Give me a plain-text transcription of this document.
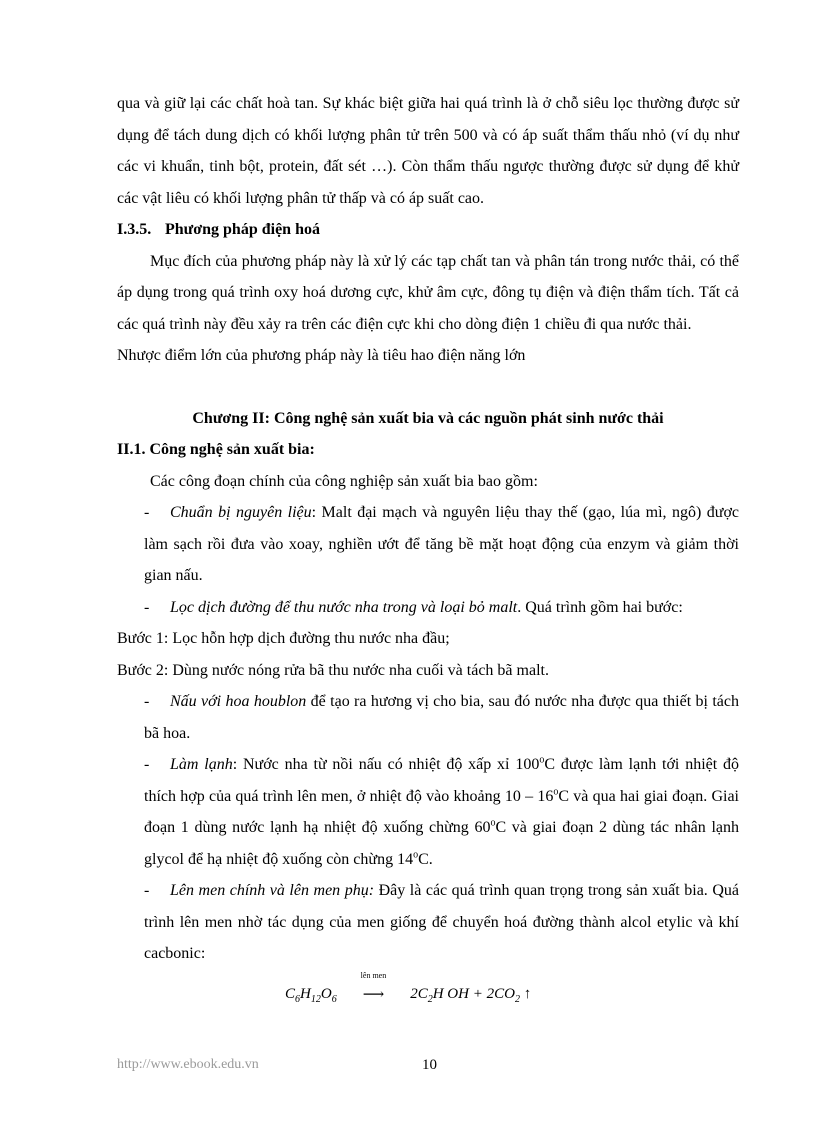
qua và giữ lại các chất hoà tan. Sự khác biệt giữa hai quá trình là ở chỗ siêu lọc thường được sử dụng để tách dung dịch có khối lượng phân tử trên 500 và có áp suất thẩm thấu nhỏ (ví dụ như các vi khuẩn, tinh bột, protein, đất sét …). Còn thẩm thấu ngược thường được sử dụng để khử các vật liêu có khối lượng phân tử thấp và có áp suất cao.

I.3.5. Phương pháp điện hoá

Mục đích của phương pháp này là xử lý các tạp chất tan và phân tán trong nước thải, có thể áp dụng trong quá trình oxy hoá dương cực, khử âm cực, đông tụ điện và điện thẩm tích. Tất cả các quá trình này đều xảy ra trên các điện cực khi cho dòng điện 1 chiều đi qua nước thải.

Nhược điểm lớn của phương pháp này là tiêu hao điện năng lớn

Chương II: Công nghệ sản xuất bia và các nguồn phát sinh nước thải

II.1. Công nghệ sản xuất bia:

Các công đoạn chính của công nghiệp sản xuất bia bao gồm:

- Chuẩn bị nguyên liệu: Malt đại mạch và nguyên liệu thay thế (gạo, lúa mì, ngô) được làm sạch rồi đưa vào xoay, nghiền ướt để tăng bề mặt hoạt động của enzym và giảm thời gian nấu.

- Lọc dịch đường để thu nước nha trong và loại bỏ malt. Quá trình gồm hai bước:

Bước 1: Lọc hỗn hợp dịch đường thu nước nha đầu;

Bước 2: Dùng nước nóng rửa bã thu nước nha cuối và tách bã malt.

- Nấu với hoa houblon để tạo ra hương vị cho bia, sau đó nước nha được qua thiết bị tách bã hoa.

- Làm lạnh: Nước nha từ nồi nấu có nhiệt độ xấp xỉ 100$^o$C được làm lạnh tới nhiệt độ thích hợp của quá trình lên men, ở nhiệt độ vào khoảng 10 – 16$^o$C và qua hai giai đoạn. Giai đoạn 1 dùng nước lạnh hạ nhiệt độ xuống chừng 60$^o$C và giai đoạn 2 dùng tác nhân lạnh glycol để hạ nhiệt độ xuống còn chừng 14$^o$C.

- Lên men chính và lên men phụ: Đây là các quá trình quan trọng trong sản xuất bia. Quá trình lên men nhờ tác dụng của men giống để chuyển hoá đường thành alcol etylic và khí cacbonic:

$C_6H_{12}O_6$
lên men
⟶ $2C_2H$ OH + $2CO_2$ ↑
http://www.ebook.edu.vn	10
